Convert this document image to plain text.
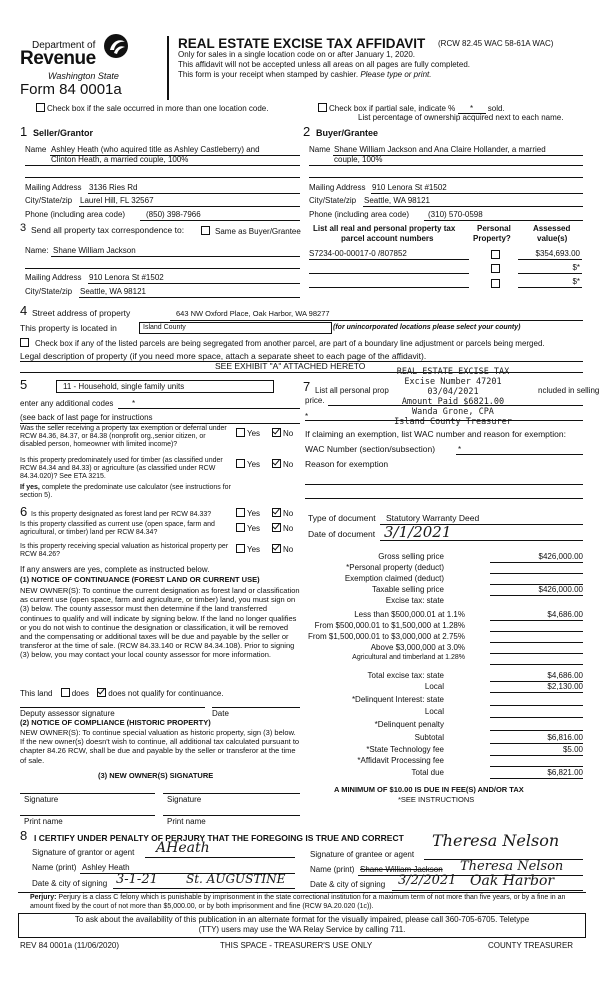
Department of
Revenue
Washington State
Form 84 0001a
REAL ESTATE EXCISE TAX AFFIDAVIT (RCW 82.45 WAC 58-61A WAC)
Only for sales in a single location code on or after January 1, 2020.
This affidavit will not be accepted unless all areas on all pages are fully completed.
This form is your receipt when stamped by cashier. Please type or print.
Check box if the sale occurred in more than one location code.	Check box if partial sale, indicate % * sold.
List percentage of ownership acquired next to each name.
1 Seller/Grantor
Name Ashley Heath (who aquired title as Ashley Castleberry) and
Clinton Heath, a married couple, 100%
Mailing Address 3136 Ries Rd
City/State/zip Laurel Hill, FL 32567
Phone (including area code)	(850) 398-7966
2 Buyer/Grantee
Name Shane William Jackson and Ana Claire Hollander, a married
couple, 100%
Mailing Address 910 Lenora St #1502
City/State/zip Seattle, WA 98121
Phone (including area code) (310) 570-0598
3 Send all property tax correspondence to:	Same as Buyer/Grantee
Name: Shane William Jackson
Mailing Address 910 Lenora St #1502
City/State/zip Seattle, WA 98121
List all real and personal property tax
parcel account numbers
Personal
Property?
Assessed
value(s)
S7234-00-00017-0 /807852	$354,693.00
$*
$*
4 Street address of property	643 NW Oxford Place, Oak Harbor, WA 98277
This property is located in	Island County	(for unincorporated locations please select your county)
Check box if any of the listed parcels are being segregated from another parcel, are part of a boundary line adjustment or parcels being merged.
Legal description of property (if you need more space, attach a separate sheet to each page of the affidavit).
SEE EXHIBIT "A" ATTACHED HERETO
REAL ESTATE EXCISE TAX
Excise Number 47201
03/04/2021
Amount Paid $6821.00
Wanda Grone, CPA
Island County Treasurer
5	11 - Household, single family units
enter any additional codes *
(see back of last page for instructions
Was the seller receiving a property tax exemption or deferral under RCW 84.36, 84.37, or 84.38 (nonprofit org.,senior citizen, or disabled person, homeowner with limited income)?
Yes	No
Is this property predominately used for timber (as classified under RCW 84.34 and 84.33) or agriculture (as classified under RCW 84.34.020)? See ETA 3215.
Yes	No
If yes, complete the predominate use calculator (see instructions for section 5).
7 List all personal prop	ncluded in selling
price.
*
If claiming an exemption, list WAC number and reason for exemption:
WAC Number (section/subsection)	*
Reason for exemption
6 Is this property designated as forest land per RCW 84.33?	Yes	No
Is this property classified as current use (open space, farm and agricultural, or timber) land per RCW 84.34?	Yes	No
Is this property receiving special valuation as historical property per RCW 84.26?
Yes	No
If any answers are yes, complete as instructed below.
(1) NOTICE OF CONTINUANCE (FOREST LAND OR CURRENT USE)
NEW OWNER(S): To continue the current designation as forest land or classification as current use (open space, farm and agriculture, or timber) land, you must sign on (3) below. The county assessor must then determine if the land transferred continues to qualify and will indicate by signing below. If the land no longer qualifies or you do not wish to continue the designation or classification, it will be removed and the compensating or additional taxes will be due and payable by the seller or transferor at the time of sale. (RCW 84.33.140 or RCW 84.34.108). Prior to signing (3) below, you may contact your local county assessor for more information.
This land does does not qualify for continuance.
Deputy assessor signature	Date
(2) NOTICE OF COMPLIANCE (HISTORIC PROPERTY)
NEW OWNER(S): To continue special valuation as historic property, sign (3) below. If the new owner(s) doesn't wish to continue, all additional tax calculated pursuant to chapter 84.26 RCW, shall be due and payable by the seller or transferor at the time of sale.
(3) NEW OWNER(S) SIGNATURE
Signature	Signature
Print name	Print name
Type of document Statutory Warranty Deed
Date of document 3/1/2021
Gross selling price	$426,000.00
*Personal property (deduct)
Exemption claimed (deduct)
Taxable selling price	$426,000.00
Excise tax: state
Less than $500,000.01 at 1.1%	$4,686.00
From $500,000.01 to $1,500,000 at 1.28%
From $1,500,000.01 to $3,000,000 at 2.75%
Above $3,000,000 at 3.0%
Agricultural and timberland at 1.28%
Total excise tax: state	$4,686.00
Local	$2,130.00
*Delinquent Interest: state
Local
*Delinquent penalty
Subtotal	$6,816.00
*State Technology fee	$5.00
*Affidavit Processing fee
Total due	$6,821.00
A MINIMUM OF $10.00 IS DUE IN FEE(S) AND/OR TAX
*SEE INSTRUCTIONS
8 I CERTIFY UNDER PENALTY OF PERJURY THAT THE FOREGOING IS TRUE AND CORRECT
Signature of grantor or agent AHeath
Name (print) Ashley Heath
Date & city of signing 3-1-21 St. AUGUSTINE
Signature of grantee or agent
Theresa Nelson
Name (print) Shane William Jackson Theresa Nelson
Date & city of signing 3/2/2021 Oak Harbor
Perjury: Perjury is a class C felony which is punishable by imprisonment in the state correctional institution for a maximum term of not more than five years, or by a fine in an amount fixed by the court of not more than $5,000.00, or by both imprisonment and fine (RCW 9A.20.020 (1c)).
To ask about the availability of this publication in an alternate format for the visually impaired, please call 360-705-6705. Teletype
(TTY) users may use the WA Relay Service by calling 711.
REV 84 0001a (11/06/2020)	THIS SPACE - TREASURER'S USE ONLY	COUNTY TREASURER
